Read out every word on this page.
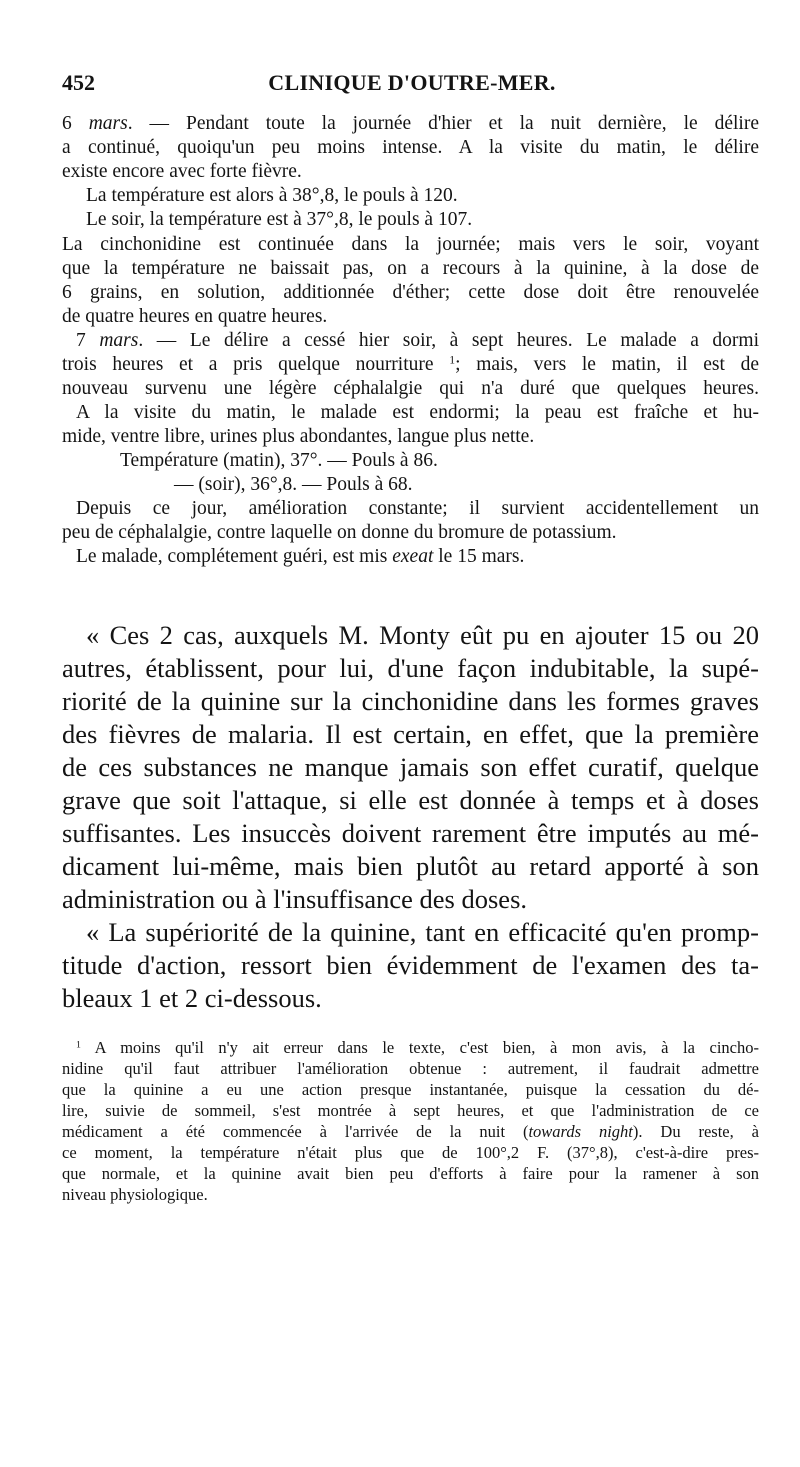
452	CLINIQUE D'OUTRE-MER.
6 mars. — Pendant toute la journée d'hier et la nuit dernière, le délire
a continué, quoiqu'un peu moins intense. A la visite du matin, le délire
existe encore avec forte fièvre.
La température est alors à 38°,8, le pouls à 120.
Le soir, la température est à 37°,8, le pouls à 107.
La cinchonidine est continuée dans la journée; mais vers le soir, voyant
que la température ne baissait pas, on a recours à la quinine, à la dose de
6 grains, en solution, additionnée d'éther; cette dose doit être renouvelée
de quatre heures en quatre heures.
7 mars. — Le délire a cessé hier soir, à sept heures. Le malade a dormi
trois heures et a pris quelque nourriture $^1$; mais, vers le matin, il est de
nouveau survenu une légère céphalalgie qui n'a duré que quelques heures.
A la visite du matin, le malade est endormi; la peau est fraîche et hu-
mide, ventre libre, urines plus abondantes, langue plus nette.
Température (matin), 37°. — Pouls à 86.
— (soir), 36°,8. — Pouls à 68.
Depuis ce jour, amélioration constante; il survient accidentellement un
peu de céphalalgie, contre laquelle on donne du bromure de potassium.
Le malade, complétement guéri, est mis exeat le 15 mars.
« Ces 2 cas, auxquels M. Monty eût pu en ajouter 15 ou 20
autres, établissent, pour lui, d'une façon indubitable, la supé-
riorité de la quinine sur la cinchonidine dans les formes graves
des fièvres de malaria. Il est certain, en effet, que la première
de ces substances ne manque jamais son effet curatif, quelque
grave que soit l'attaque, si elle est donnée à temps et à doses
suffisantes. Les insuccès doivent rarement être imputés au mé-
dicament lui-même, mais bien plutôt au retard apporté à son
administration ou à l'insuffisance des doses.
« La supériorité de la quinine, tant en efficacité qu'en promp-
titude d'action, ressort bien évidemment de l'examen des ta-
bleaux 1 et 2 ci-dessous.
$^1$ A moins qu'il n'y ait erreur dans le texte, c'est bien, à mon avis, à la cincho-
nidine qu'il faut attribuer l'amélioration obtenue : autrement, il faudrait admettre
que la quinine a eu une action presque instantanée, puisque la cessation du dé-
lire, suivie de sommeil, s'est montrée à sept heures, et que l'administration de ce
médicament a été commencée à l'arrivée de la nuit (towards night). Du reste, à
ce moment, la température n'était plus que de 100°,2 F. (37°,8), c'est-à-dire pres-
que normale, et la quinine avait bien peu d'efforts à faire pour la ramener à son
niveau physiologique.
